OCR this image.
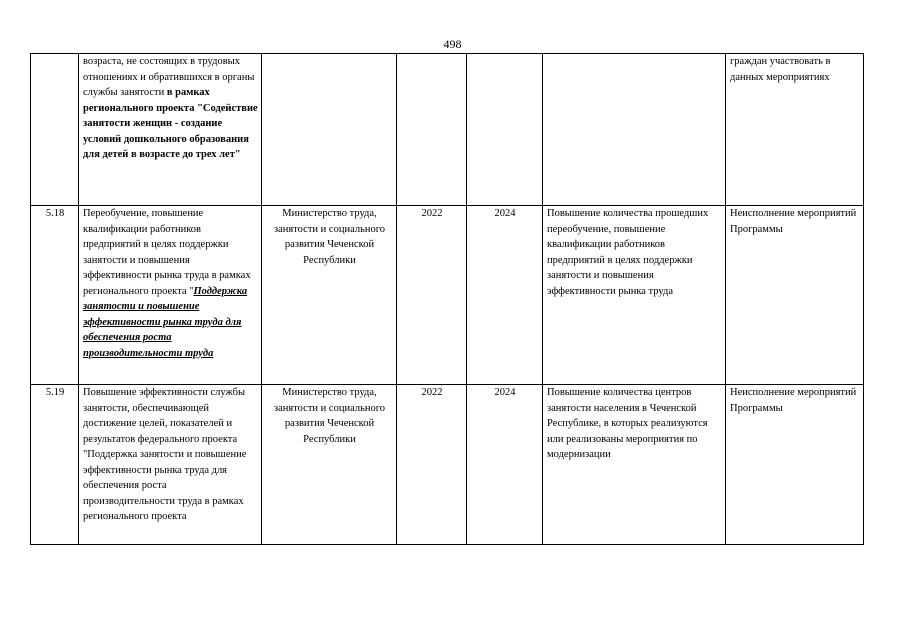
498
	возраста, не состоящих в трудовых отношениях и обратившихся в органы службы занятости в рамках регионального проекта "Содействие занятости женщин - создание условий дошкольного образования для детей в возрасте до трех лет"					граждан участвовать в данных мероприятиях
5.18	Переобучение, повышение квалификации работников предприятий в целях поддержки занятости и повышения эффективности рынка труда в рамках регионального проекта "Поддержка занятости и повышение эффективности рынка труда для обеспечения роста производительности труда	Министерство труда, занятости и социального развития Чеченской Республики	2022	2024	Повышение количества прошедших переобучение, повышение квалификации работников предприятий в целях поддержки занятости и повышения эффективности рынка труда	Неисполнение мероприятий Программы
5.19	Повышение эффективности службы занятости, обеспечивающей достижение целей, показателей и результатов федерального проекта "Поддержка занятости и повышение эффективности рынка труда для обеспечения роста производительности труда в рамках регионального проекта	Министерство труда, занятости и социального развития Чеченской Республики	2022	2024	Повышение количества центров занятости населения в Чеченской Республике, в которых реализуются или реализованы мероприятия по модернизации	Неисполнение мероприятий Программы
